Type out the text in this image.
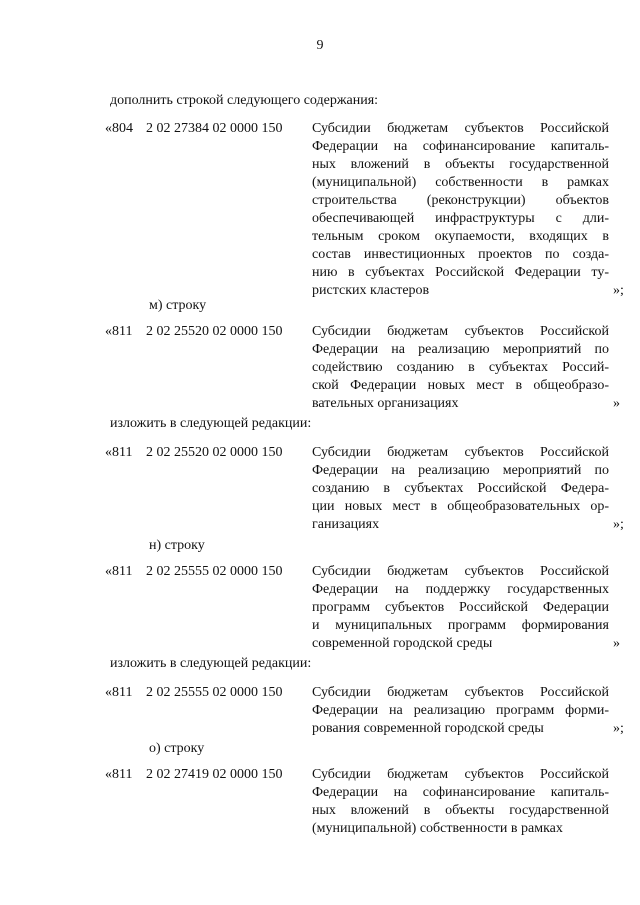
9
дополнить строкой следующего содержания:
«804 2 02 27384 02 0000 150 Субсидии бюджетам субъектов Российской
Федерации на софинансирование капиталь-
ных вложений в объекты государственной
(муниципальной) собственности в рамках
строительства (реконструкции) объектов
обеспечивающей инфраструктуры с дли-
тельным сроком окупаемости, входящих в
состав инвестиционных проектов по созда-
нию в субъектах Российской Федерации ту-
ристских кластеров	»;
м) строку
«811 2 02 25520 02 0000 150 Субсидии бюджетам субъектов Российской
Федерации на реализацию мероприятий по
содействию созданию в субъектах Россий-
ской Федерации новых мест в общеобразо-
вательных организациях	»
изложить в следующей редакции:
«811 2 02 25520 02 0000 150 Субсидии бюджетам субъектов Российской
Федерации на реализацию мероприятий по
созданию в субъектах Российской Федера-
ции новых мест в общеобразовательных ор-
ганизациях	»;
н) строку
«811 2 02 25555 02 0000 150 Субсидии бюджетам субъектов Российской
Федерации на поддержку государственных
программ субъектов Российской Федерации
и муниципальных программ формирования
современной городской среды	»
изложить в следующей редакции:
«811 2 02 25555 02 0000 150 Субсидии бюджетам субъектов Российской
Федерации на реализацию программ форми-
рования современной городской среды	»;
о) строку
«811 2 02 27419 02 0000 150 Субсидии бюджетам субъектов Российской
Федерации на софинансирование капиталь-
ных вложений в объекты государственной
(муниципальной) собственности в рамках
